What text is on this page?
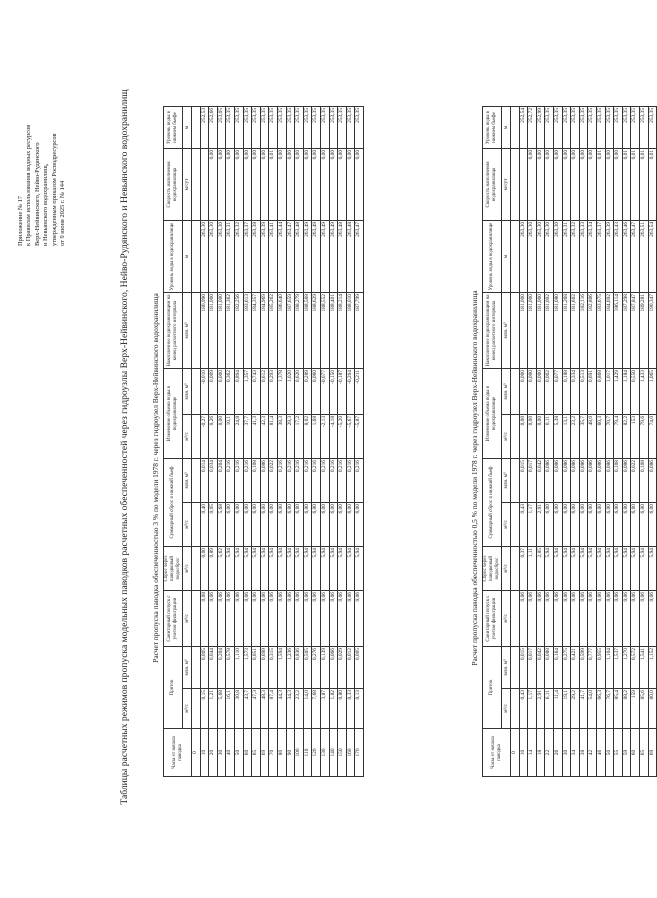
Приложение № 17 к Правилам использования водных ресурсов Верх-Нейвинского, Нейво-Рудянского и Невьянского водохранилищ, утвержденным приказом Росводресурсов от 9 июня 2025 г. № 144	Таблицы расчетных режимов пропуска модельных паводков расчетных обеспеченностей через гидроузлы Верх-Нейвинского, Нейво-Рудянского и Невьянского водохранилищ	Расчет пропуска паводка обеспеченностью 3 % по модели 1978 г. через гидроузел Верх-Нейвинского водохранилища
Часы от начала паводка	Приток		Санитарный попуск с учетом фильтрации	Сброс через паводковый водосброс	Суммарный сброс в нижний бьеф		Изменение объема воды в водохранилище		Накопленное водохранилищем на конец расчетного интервала	Уровень воды в водохранилище	Скорость наполнения водохранилища	Уровень воды в нижнем бьефе
	м³/с	млн. м³	м³/с	м³/с	м³/с	млн. м³	м³/с	млн. м³	млн. м³	м	м/сут	м
0												
10	0,15	0,005	0,08	0,00	0,40	0,014	-0,27	-0,010	180,990	263,30		252,53
20	1,21	0,044	0,06	0,89	0,95	0,034	0,26	0,009	181,000	263,30	0,00	252,66
30	5,68	0,204	0,06	5,62	5,68	0,204	0,00	0,000	181,000	263,30	0,00	253,05
40	16,1	0,578	0,06	5,94	6,00	0,216	10,1	0,362	181,362	263,31	0,00	253,35
50	30,8	1,110	0,06	5,94	6,00	0,216	24,8	0,894	182,256	263,32	0,00	253,35
60	43,7	1,573	0,06	5,94	6,00	0,216	37,7	1,357	183,613	263,37	0,00	253,35
65	47,3	0,851	0,06	5,94	6,00	0,108	41,3	0,743	184,357	263,38	0,00	253,35
69	48,3	0,699	0,06	5,94	6,00	0,086	42,3	0,612	184,969	263,39	0,00	253,35
70	87,4	0,315	0,06	5,94	6,00	0,022	81,4	0,293	185,262	263,41	0,01	253,35
80	44,3	1,594	0,06	5,94	6,00	0,216	38,3	1,378	186,640	263,44	0,00	253,35
90	34,3	1,236	0,06	5,94	6,00	0,216	28,3	1,020	187,659	263,47	0,00	253,35
100	23,2	0,836	0,06	5,94	6,00	0,216	17,2	0,620	188,279	263,48	0,00	253,35
110	14,0	0,505	0,06	5,94	6,00	0,216	8,02	0,289	188,568	263,49	0,00	253,35
120	7,68	0,276	0,06	5,94	6,00	0,216	1,68	0,060	188,629	263,49	0,00	253,35
130	3,87	0,139	0,06	5,94	6,00	0,216	-2,13	-0,077	188,552	263,49	0,00	253,35
140	1,82	0,066	0,06	5,94	6,00	0,216	-4,18	-0,150	188,401	263,49	0,00	253,35
150	0,80	0,029	0,06	5,94	6,00	0,216	-5,20	-0,187	188,214	263,48	0,00	253,35
160	0,33	0,012	0,06	5,94	6,00	0,216	-5,67	-0,204	188,010	263,48	0,00	253,35
170	0,13	0,005	0,06	5,94	6,00	0,216	-5,87	-0,211	187,799	263,47	0,00	253,35
Расчет пропуска паводка обеспеченностью 0,5 % по модели 1978 г. через гидроузел Верх-Нейвинского водохранилища
Часы от начала паводка	Приток		Санитарный попуск с учетом фильтрации	Сброс через паводковый водосброс	Суммарный сброс в нижний бьеф		Изменение объема воды в водохранилище		Накопленное водохранилищем на конец расчетного интервала	Уровень воды в водохранилище	Скорость наполнения водохранилища	Уровень воды в нижнем бьефе
	м³/с	млн. м³	м³/с	м³/с	м³/с	млн. м³	м³/с	млн. м³	млн. м³	м	м/сут	м
0												
10	0,43	0,015	0,06	0,37	0,43	0,015	0,00	0,000	181,000	263,30		252,54
14	1,17	0,017	0,06	1,11	1,17	0,017	0,00	0,000	181,000	263,30	0,00	252,72
18	2,91	0,042	0,06	2,85	2,91	0,042	0,00	0,000	181,000	263,30	0,00	252,99
22	6,11	0,088	0,06	5,94	6,00	0,086	0,11	0,002	181,002	263,30	0,00	253,35
26	11,4	0,164	0,06	5,94	6,00	0,086	5,38	0,077	181,080	263,30	0,00	253,35
30	19,1	0,275	0,06	5,94	6,00	0,086	13,1	0,188	181,268	263,31	0,00	253,35
34	29,2	0,421	0,06	5,94	6,00	0,086	23,2	0,334	181,602	263,32	0,00	253,35
38	41,7	0,599	0,06	5,94	6,00	0,086	35,7	0,513	182,116	263,33	0,00	253,35
42	54,0	0,777	0,06	5,94	6,00	0,086	48,0	0,691	182,806	263,34	0,00	253,35
46	66,3	0,955	0,06	5,94	6,00	0,086	60,3	0,868	183,675	263,37	0,01	253,35
50	76,7	1,104	0,06	5,94	6,00	0,086	70,7	1,017	184,692	263,39	0,00	253,35
55	85,4	1,537	0,06	5,94	6,00	0,108	79,4	1,429	186,114	263,43	0,00	253,35
59	88,2	1,270	0,06	5,94	6,00	0,086	82,2	1,184	187,298	263,46	0,01	253,35
60	159	0,572	0,06	5,94	6,00	0,022	153	0,550	187,847	263,47	0,01	253,35
65	85,6	1,541	0,06	5,94	6,00	0,108	79,6	1,433	189,281	263,51	0,01	253,35
69	80,0	1,152	0,06	5,94	6,00	0,086	74,0	1,065	190,347	263,54	0,01	253,35
